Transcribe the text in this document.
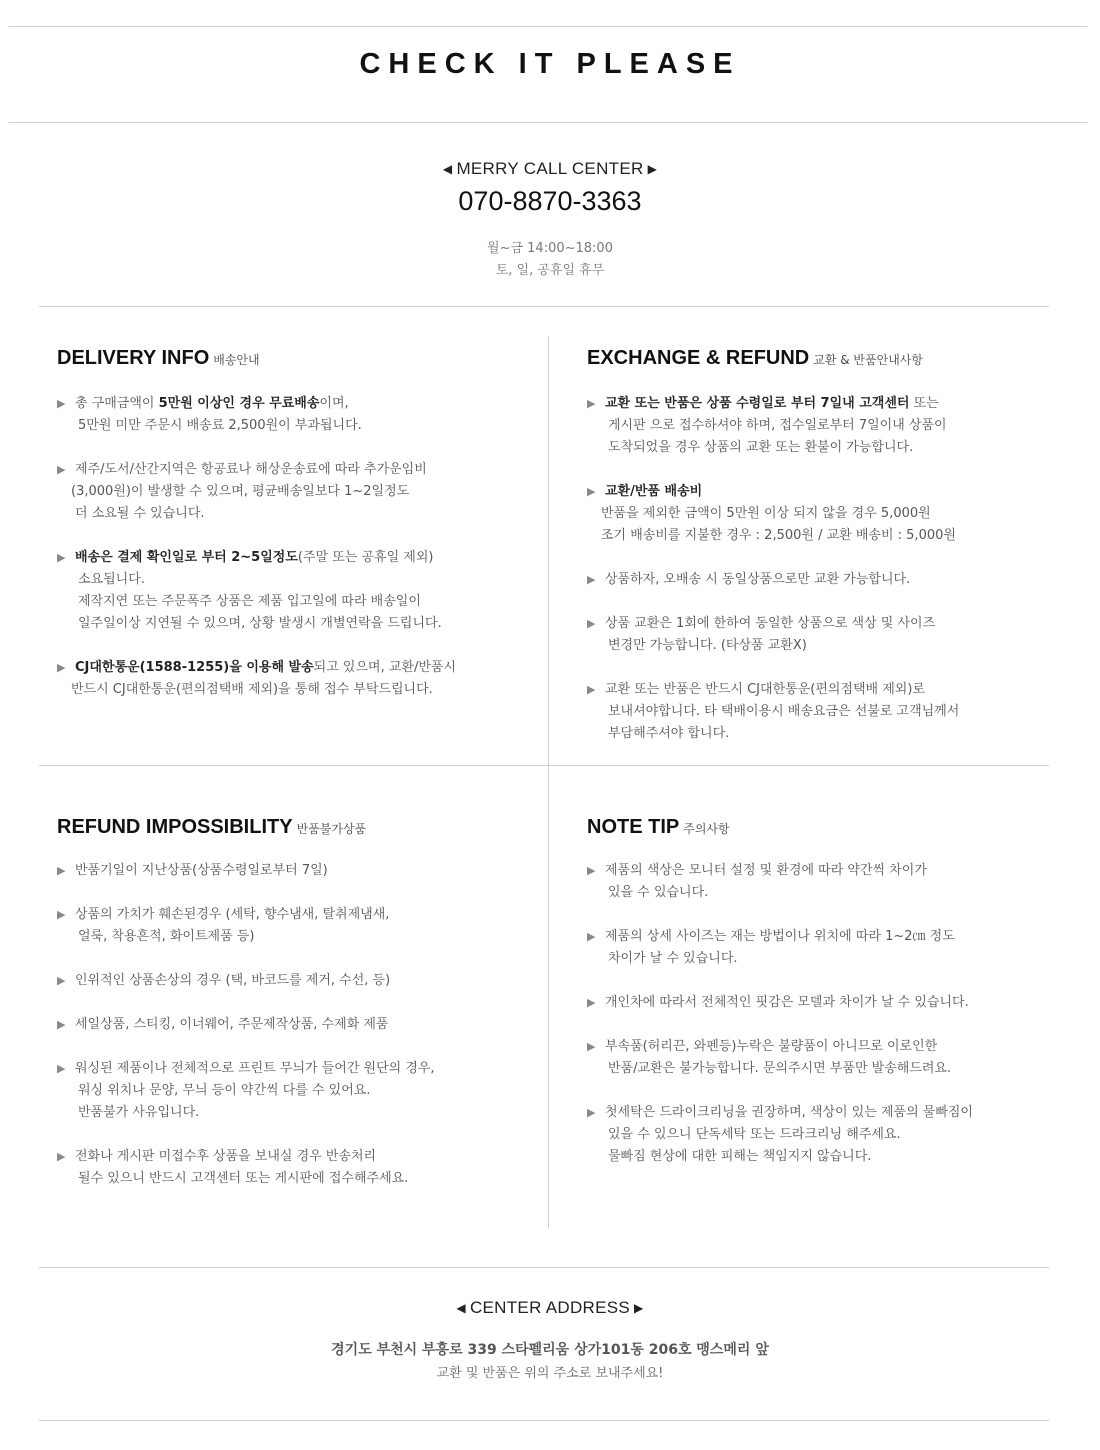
CHECK IT PLEASE
◀ MERRY CALL CENTER ▶
070-8870-3363
월~금 14:00~18:00
토, 일, 공휴일 휴무
DELIVERY INFO 배송안내
▶ 총 구매금액이 5만원 이상인 경우 무료배송이며,
5만원 미만 주문시 배송료 2,500원이 부과됩니다.
▶ 제주/도서/산간지역은 항공료나 해상운송료에 따라 추가운임비
(3,000원)이 발생할 수 있으며, 평균배송일보다 1~2일정도
더 소요될 수 있습니다.
▶ 배송은 결제 확인일로 부터 2~5일정도(주말 또는 공휴일 제외)
소요됩니다.
제작지연 또는 주문폭주 상품은 제품 입고일에 따라 배송일이
일주일이상 지연될 수 있으며, 상황 발생시 개별연락을 드립니다.
▶ CJ대한통운(1588-1255)을 이용해 발송되고 있으며, 교환/반품시
반드시 CJ대한통운(편의점택배 제외)을 통해 접수 부탁드립니다.
EXCHANGE & REFUND 교환 & 반품안내사항
▶ 교환 또는 반품은 상품 수령일로 부터 7일내 고객센터 또는
게시판 으로 접수하셔야 하며, 접수일로부터 7일이내 상품이
도착되었을 경우 상품의 교환 또는 환불이 가능합니다.
▶ 교환/반품 배송비
반품을 제외한 금액이 5만원 이상 되지 않을 경우 5,000원
조기 배송비를 지불한 경우 : 2,500원 / 교환 배송비 : 5,000원
▶ 상품하자, 오배송 시 동일상품으로만 교환 가능합니다.
▶ 상품 교환은 1회에 한하여 동일한 상품으로 색상 및 사이즈
변경만 가능합니다. (타상품 교환X)
▶ 교환 또는 반품은 반드시 CJ대한통운(편의점택배 제외)로
보내셔야합니다. 타 택배이용시 배송요금은 선불로 고객님께서
부담해주셔야 합니다.
REFUND IMPOSSIBILITY 반품불가상품
▶ 반품기일이 지난상품(상품수령일로부터 7일)
▶ 상품의 가치가 훼손된경우 (세탁, 향수냄새, 탈취제냄새,
얼룩, 착용흔적, 화이트제품 등)
▶ 인위적인 상품손상의 경우 (택, 바코드를 제거, 수선, 등)
▶ 세일상품, 스티킹, 이너웨어, 주문제작상품, 수제화 제품
▶ 워싱된 제품이나 전체적으로 프린트 무늬가 들어간 원단의 경우,
워싱 위치나 문양, 무늬 등이 약간씩 다를 수 있어요.
반품불가 사유입니다.
▶ 전화나 게시판 미접수후 상품을 보내실 경우 반송처리
될수 있으니 반드시 고객센터 또는 게시판에 접수해주세요.
NOTE TIP 주의사항
▶ 제품의 색상은 모니터 설정 및 환경에 따라 약간씩 차이가
있을 수 있습니다.
▶ 제품의 상세 사이즈는 재는 방법이나 위치에 따라 1~2㎝ 정도
차이가 날 수 있습니다.
▶ 개인차에 따라서 전체적인 핏감은 모델과 차이가 날 수 있습니다.
▶ 부속품(허리끈, 와펜등)누락은 불량품이 아니므로 이로인한
반품/교환은 불가능합니다. 문의주시면 부품만 발송해드려요.
▶ 첫세탁은 드라이크리닝을 권장하며, 색상이 있는 제품의 물빠짐이
있을 수 있으니 단독세탁 또는 드라크리닝 해주세요.
물빠짐 현상에 대한 피해는 책임지지 않습니다.
◀ CENTER ADDRESS ▶
경기도 부천시 부흥로 339 스타펠리움 상가101동 206호 맹스메리 앞
교환 및 반품은 위의 주소로 보내주세요!
